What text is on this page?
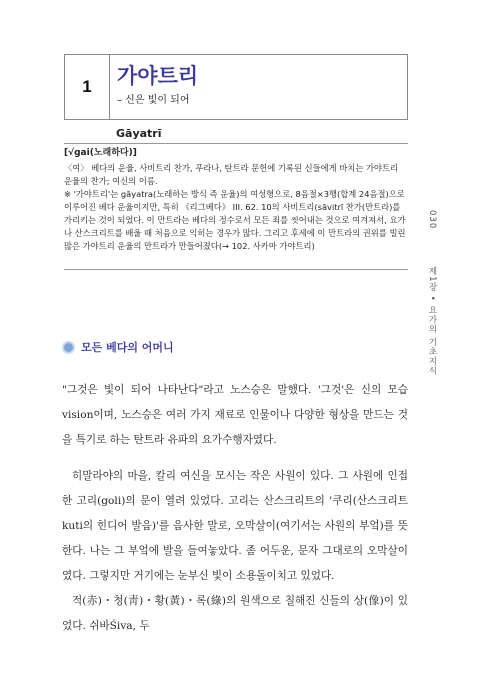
1	가야트리
– 신은 빛이 되어
Gāyatrī

[√gai(노래하다)]

〈여〉 베다의 운율, 사비트리 찬가, 푸라나, 탄트라 문헌에 기록된 신들에게 바치는 가야트리 운율의 찬가; 여신의 이름.

※ '가야트리'는 gāyatra(노래하는 방식 즉 운율)의 여성형으로, 8음절×3행(합계 24음절)으로 이루어진 베다 운율이지만, 특히 《리그베다》 III. 62. 10의 사비트리(sāvitrī 찬가(만트라)를 가리키는 것이 되었다. 이 만트라는 베다의 정수로서 모든 죄를 씻어내는 것으로 여겨져서, 요가나 산스크리트를 배울 때 처음으로 익히는 경우가 많다. 그리고 후세에 이 만트라의 권위를 빌린 많은 가야트리 운율의 만트라가 만들어졌다(→ 102. 사카마 가야트리)

030  제1장 • 요가의 기초지식
모든 베다의 어머니

"그것은 빛이 되어 나타난다"라고 노스승은 말했다. '그것'은 신의 모습vision이며, 노스승은 여러 가지 재료로 인물이나 다양한 형상을 만드는 것을 특기로 하는 탄트라 유파의 요가수행자였다.

히말라야의 마을, 칼리 여신을 모시는 작은 사원이 있다. 그 사원에 인접한 고리(goli)의 문이 열려 있었다. 고리는 산스크리트의 '쿠리(산스크리트 kuti의 힌디어 발음)'를 음사한 말로, 오막살이(여기서는 사원의 부엌)를 뜻한다. 나는 그 부엌에 발을 들여놓았다. 좀 어두운, 문자 그대로의 오막살이였다. 그렇지만 거기에는 눈부신 빛이 소용돌이치고 있었다.

적(赤)・청(靑)・황(黃)・록(綠)의 원색으로 칠해진 신들의 상(像)이 있었다. 쉬바Śiva, 두
